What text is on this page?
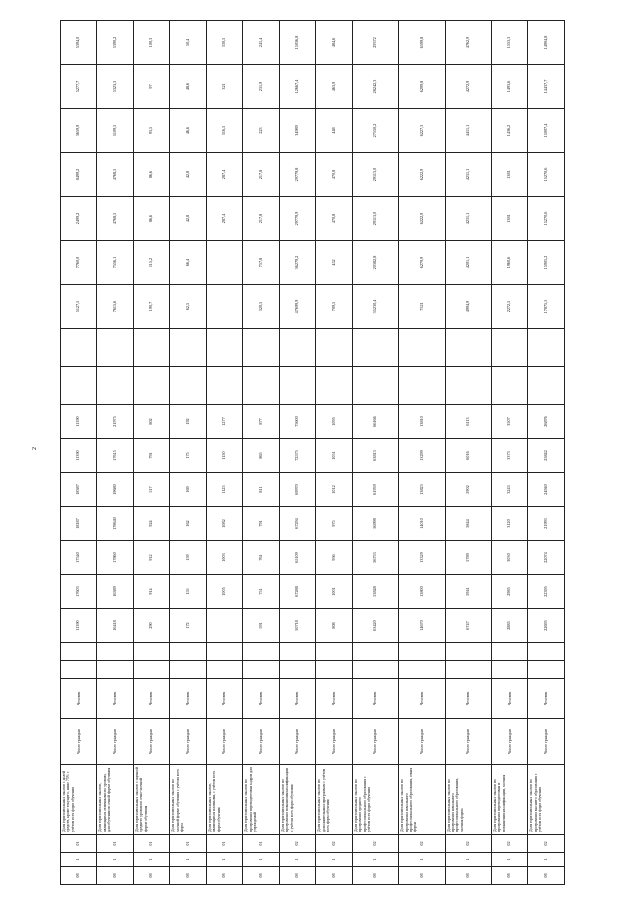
2
08	1	01	Доля горизонтальных заказов с долей средств, кроме текущего, ниже 75% с учётом всех форм обучения	Число граждан	Человек			11390	17603	17540	18187	18387	11390	11390			5127,5	7760,0	2499,2	8499,2	3659,9	5277,7	5394,0
08	1	01	Доля горизонтальных заказов, являющихся отличными по уровню, для обучения по очной форме обучения	Число граждан	Человек			16418	16389	17860	178640	19680	17615	21975			7615,6	7556,1	4768,5	4768,5	5109,5	5323,3	5390,2
08	1	01	Доля горизонтальных заказов с оценкой среднего уровня по очно-заочной форме обучения	Число граждан	Человек			290	914	912	924	517	791	802			190,7	115,2	86,6	86,6	93,5	97	100,3
08	1	01	Доля горизонтальных заказов по заочной форме обучения с учётом всех форм	Число граждан	Человек			172	155	159	162	169	175	192			62,5	66,4	42,8	42,8	46,6	48,6	50,4
08	1	01	Доля горизонтальных заказов, являющихся платными, с учётом всех форм обучения	Число граждан	Человек				1005	1003	1082	1125	1150	1277					287,4	287,4	316,5	321	330,5
08	1	01	Доля горизонтальных заказов по программам переподготовки кадров для учреждений	Число граждан	Человек			591	751	761	791	811	865	877			320,5	757,8	217,8	217,8	223	231,9	241,4
08	1	02	Доля горизонтальных заказов по программам повышения квалификации с учётом всех форм обучения	Число граждан	Человек			50718	67288	65109	67294	69970	72575	75600			47699,9	36279,2	29779,9	29779,8	34989	12667,4	15056,8
08	1	02	Доля горизонтальных заказов по дополнительным программам с учётом всех форм обучения	Число граждан	Человек			808	1001	956	975	1012	1051	1095			709,5	452	470,8	470,8	448	463,9	484,6
08	1	02	Доля горизонтальных заказов по программам среднего профессионального образования с учётом всех форм обучения	Число граждан	Человек			63420	53848	56753	56998	61939	63813	66166			35230,4	20382,8	29113,0	29113,0	27550,2	28242,3	29372
08	1	02	Доля горизонтальных заказов по программам начального профессионального образования, очная форма	Число граждан	Человек			14670	13800	13329	14010	13823	13299	13810			7521	6279,9	6222,9	6222,9	6227,3	6299,8	6599,8
08	1	02	Доля горизонтальных заказов по программам начального профессионального образования, заочная форма	Число граждан	Человек			6747	5941	5789	5844	5902	6016	6113			4994,9	4201,1	4231,1	4231,1	4411,1	4272,9	4762,9
08	1	02	Доля горизонтальных заказов по программам переподготовки и повышения квалификации, заочная	Число граждан	Человек			2885	2985	3030	3120	3243	3373	3507			2272,5	1960,6	1381	1381	1436,2	1493,6	1553,3
08	1	02	Доля горизонтальных заказов по программам высшего образования с учётом всех форм обучения	Число граждан	Человек			22695	22395	22074	21993	24940	25842	26876			17875,5	15905,2	15270,6	15270,6	15007,4	14437,7	14904,8
